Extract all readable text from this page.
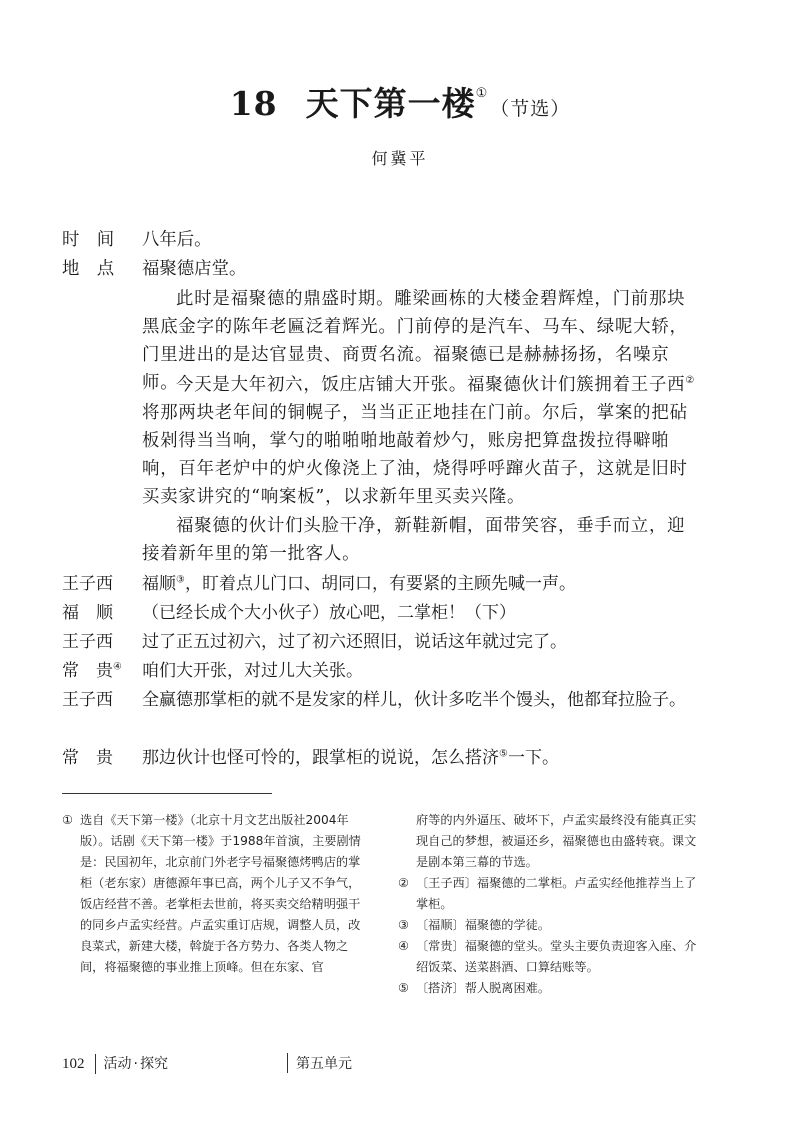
18 天下第一楼①（节选）
何冀平
时　间	八年后。
地　点	福聚德店堂。
此时是福聚德的鼎盛时期。雕梁画栋的大楼金碧辉煌，门前那块黑底金字的陈年老匾泛着辉光。门前停的是汽车、马车、绿呢大轿，门里进出的是达官显贵、商贾名流。福聚德已是赫赫扬扬，名噪京师。
今天是大年初六，饭庄店铺大开张。福聚德伙计们簇拥着王子西②将那两块老年间的铜幌子，当当正正地挂在门前。尔后，掌案的把砧板剁得当当响，掌勺的啪啪啪地敲着炒勺，账房把算盘拨拉得噼啪响，百年老炉中的炉火像浇上了油，烧得呼呼蹿火苗子，这就是旧时买卖家讲究的“响案板”，以求新年里买卖兴隆。
福聚德的伙计们头脸干净，新鞋新帽，面带笑容，垂手而立，迎接着新年里的第一批客人。
王子西	福顺③，盯着点儿门口、胡同口，有要紧的主顾先喊一声。
福　顺	（已经长成个大小伙子）放心吧，二掌柜！（下）
王子西	过了正五过初六，过了初六还照旧，说话这年就过完了。
常　贵④	咱们大开张，对过儿大关张。
王子西	全赢德那掌柜的就不是发家的样儿，伙计多吃半个馒头，他都耷拉脸子。
常　贵	那边伙计也怪可怜的，跟掌柜的说说，怎么搭济⑤一下。
① 选自《天下第一楼》（北京十月文艺出版社2004年版）。话剧《天下第一楼》于1988年首演，主要剧情是：民国初年，北京前门外老字号福聚德烤鸭店的掌柜（老东家）唐德源年事已高，两个儿子又不争气，饭店经营不善。老掌柜去世前，将买卖交给精明强干的同乡卢孟实经营。卢孟实重订店规，调整人员，改良菜式，新建大楼，斡旋于各方势力、各类人物之间，将福聚德的事业推上顶峰。但在东家、官
府等的内外逼压、破坏下，卢孟实最终没有能真正实现自己的梦想，被逼还乡，福聚德也由盛转衰。课文是剧本第三幕的节选。
② 〔王子西〕福聚德的二掌柜。卢孟实经他推荐当上了掌柜。
③ 〔福顺〕福聚德的学徒。
④ 〔常贵〕福聚德的堂头。堂头主要负责迎客入座、介绍饭菜、送菜斟酒、口算结账等。
⑤ 〔搭济〕帮人脱离困难。
102 活动 · 探究	第五单元
